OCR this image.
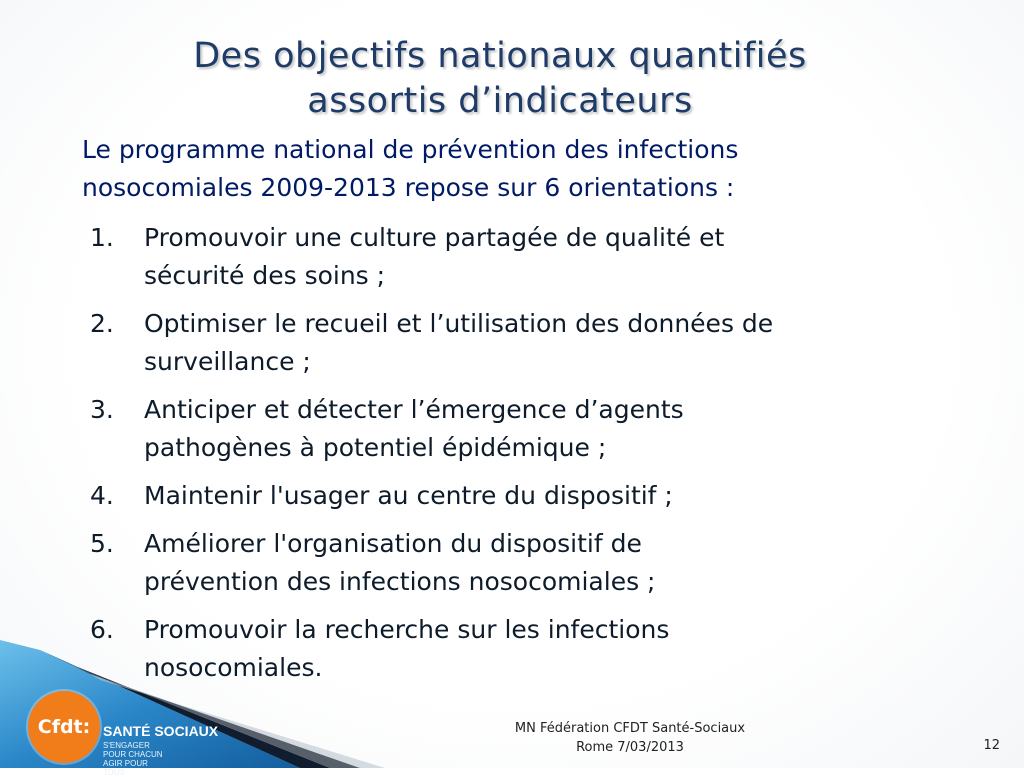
Cfdt: SANTÉ SOCIAUX
S'ENGAGER POUR CHACUN AGIR POUR TOUS
Des objectifs nationaux quantifiés
assortis d’indicateurs
Le programme national de prévention des infections
nosocomiales 2009-2013 repose sur 6 orientations :
1. Promouvoir une culture partagée de qualité et
sécurité des soins ;
2. Optimiser le recueil et l’utilisation des données de
surveillance ;
3. Anticiper et détecter l’émergence d’agents
pathogènes à potentiel épidémique ;
4. Maintenir l'usager au centre du dispositif ;
5. Améliorer l'organisation du dispositif de
prévention des infections nosocomiales ;
6. Promouvoir la recherche sur les infections
nosocomiales.
MN Fédération CFDT Santé-Sociaux
Rome 7/03/2013	12
